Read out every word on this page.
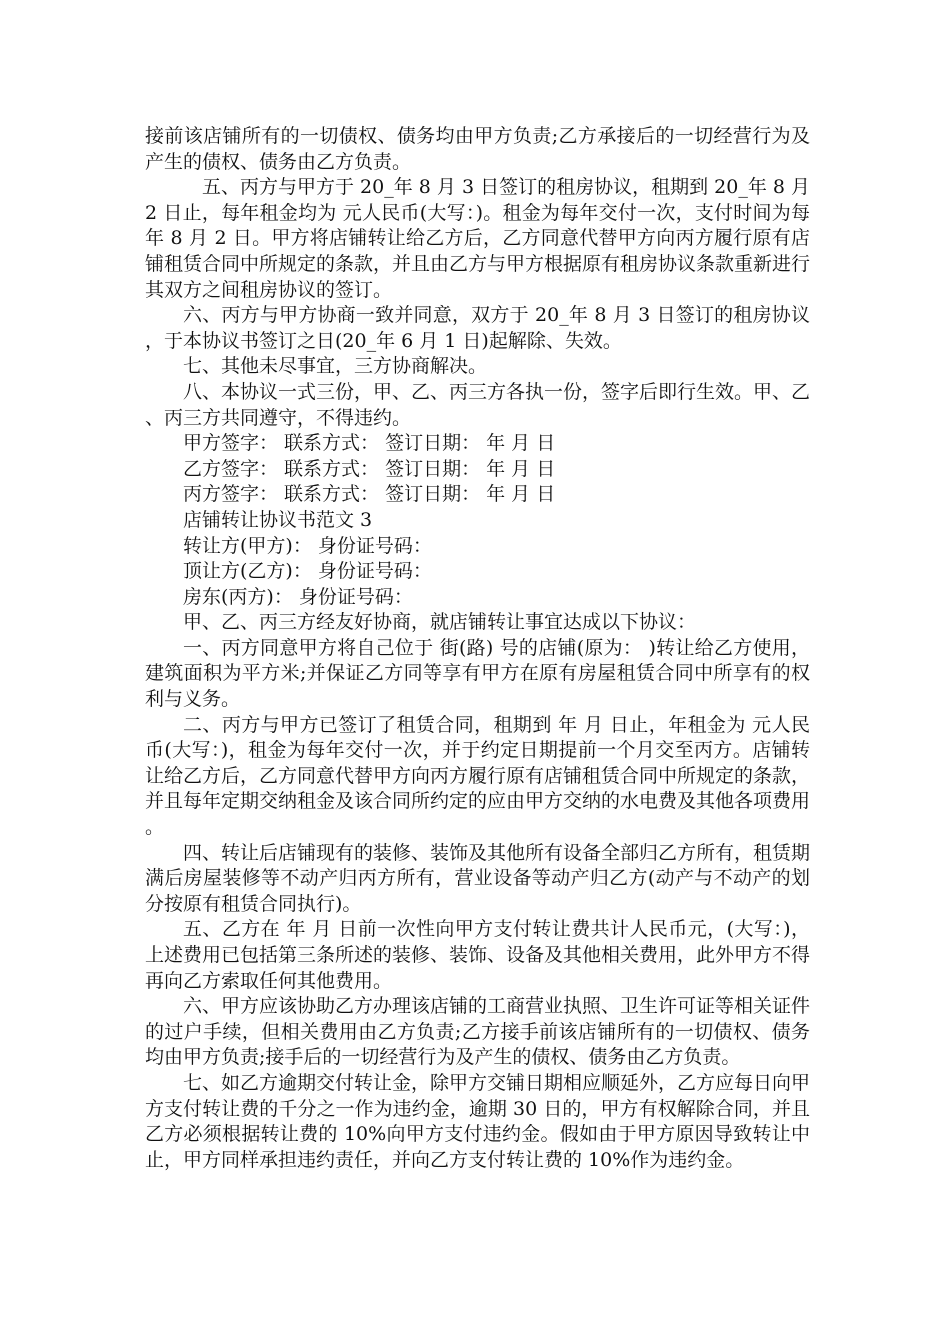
接前该店铺所有的一切债权、债务均由甲方负责;乙方承接后的一切经营行为及产生的债权、债务由乙方负责。

五、丙方与甲方于 20_年 8 月 3 日签订的租房协议，租期到 20_年 8 月 2 日止，每年租金均为 元人民币(大写：)。租金为每年交付一次，支付时间为每年 8 月 2 日。甲方将店铺转让给乙方后，乙方同意代替甲方向丙方履行原有店铺租赁合同中所规定的条款，并且由乙方与甲方根据原有租房协议条款重新进行其双方之间租房协议的签订。

六、丙方与甲方协商一致并同意，双方于 20_年 8 月 3 日签订的租房协议，于本协议书签订之日(20_年 6 月 1 日)起解除、失效。

七、其他未尽事宜，三方协商解决。

八、本协议一式三份，甲、乙、丙三方各执一份，签字后即行生效。甲、乙、丙三方共同遵守，不得违约。

甲方签字： 联系方式： 签订日期： 年 月 日

乙方签字： 联系方式： 签订日期： 年 月 日

丙方签字： 联系方式： 签订日期： 年 月 日

店铺转让协议书范文 3

转让方(甲方)： 身份证号码：

顶让方(乙方)： 身份证号码：

房东(丙方)： 身份证号码：

甲、乙、丙三方经友好协商，就店铺转让事宜达成以下协议：

一、丙方同意甲方将自己位于 街(路) 号的店铺(原为： )转让给乙方使用，建筑面积为平方米;并保证乙方同等享有甲方在原有房屋租赁合同中所享有的权利与义务。

二、丙方与甲方已签订了租赁合同，租期到 年 月 日止，年租金为 元人民币(大写：)，租金为每年交付一次，并于约定日期提前一个月交至丙方。店铺转让给乙方后，乙方同意代替甲方向丙方履行原有店铺租赁合同中所规定的条款，并且每年定期交纳租金及该合同所约定的应由甲方交纳的水电费及其他各项费用。

四、转让后店铺现有的装修、装饰及其他所有设备全部归乙方所有，租赁期满后房屋装修等不动产归丙方所有，营业设备等动产归乙方(动产与不动产的划分按原有租赁合同执行)。

五、乙方在 年 月 日前一次性向甲方支付转让费共计人民币元，(大写：)，上述费用已包括第三条所述的装修、装饰、设备及其他相关费用，此外甲方不得再向乙方索取任何其他费用。

六、甲方应该协助乙方办理该店铺的工商营业执照、卫生许可证等相关证件的过户手续，但相关费用由乙方负责;乙方接手前该店铺所有的一切债权、债务均由甲方负责;接手后的一切经营行为及产生的债权、债务由乙方负责。

七、如乙方逾期交付转让金，除甲方交铺日期相应顺延外，乙方应每日向甲方支付转让费的千分之一作为违约金，逾期 30 日的，甲方有权解除合同，并且乙方必须根据转让费的 10%向甲方支付违约金。假如由于甲方原因导致转让中止，甲方同样承担违约责任，并向乙方支付转让费的 10%作为违约金。
